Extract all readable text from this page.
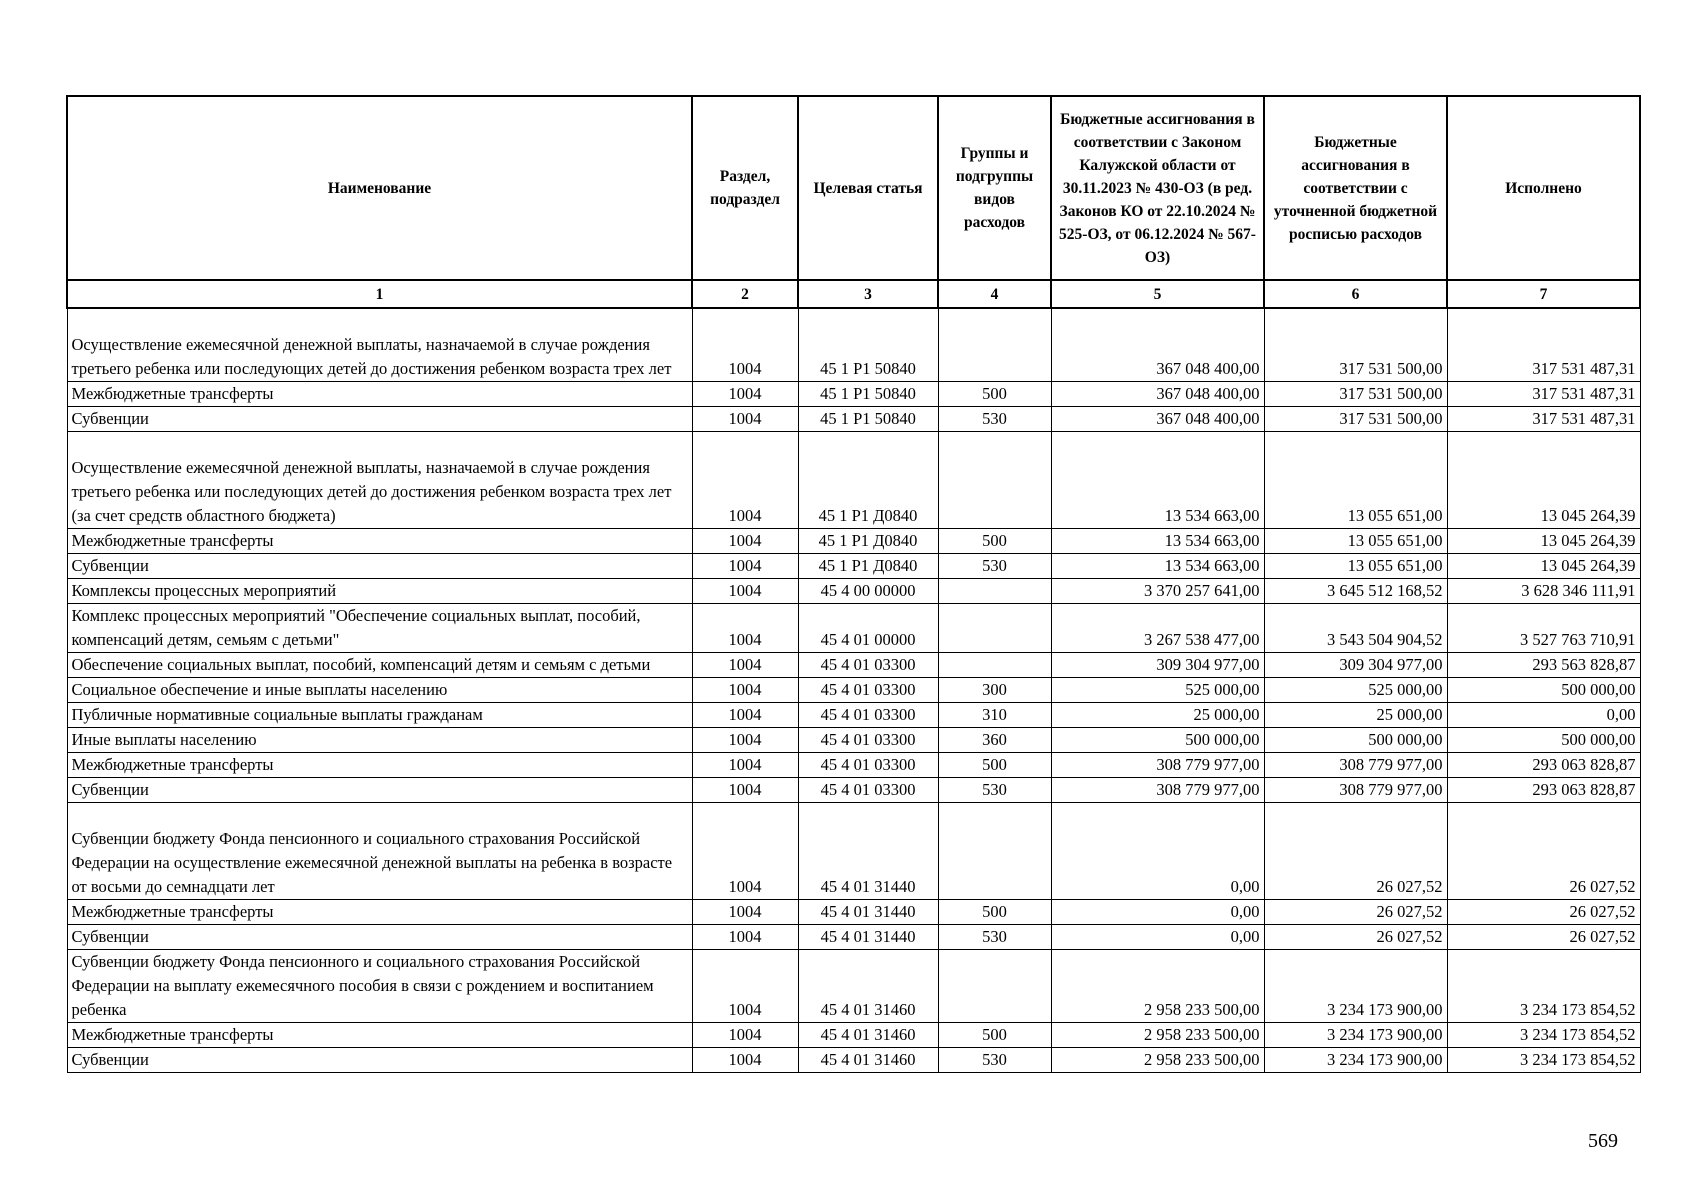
Наименование	Раздел, подраздел	Целевая статья	Группы и подгруппы видов расходов	Бюджетные ассигнования в соответствии с Законом Калужской области от 30.11.2023 № 430-ОЗ (в ред. Законов КО от 22.10.2024 № 525-ОЗ, от 06.12.2024 № 567-ОЗ)	Бюджетные ассигнования в соответствии с уточненной бюджетной росписью расходов	Исполнено
1	2	3	4	5	6	7
Осуществление ежемесячной денежной выплаты, назначаемой в случае рождения третьего ребенка или последующих детей до достижения ребенком возраста трех лет	1004	45 1 Р1 50840		367 048 400,00	317 531 500,00	317 531 487,31
Межбюджетные трансферты	1004	45 1 Р1 50840	500	367 048 400,00	317 531 500,00	317 531 487,31
Субвенции	1004	45 1 Р1 50840	530	367 048 400,00	317 531 500,00	317 531 487,31
Осуществление ежемесячной денежной выплаты, назначаемой в случае рождения третьего ребенка или последующих детей до достижения ребенком возраста трех лет (за счет средств областного бюджета)	1004	45 1 Р1 Д0840		13 534 663,00	13 055 651,00	13 045 264,39
Межбюджетные трансферты	1004	45 1 Р1 Д0840	500	13 534 663,00	13 055 651,00	13 045 264,39
Субвенции	1004	45 1 Р1 Д0840	530	13 534 663,00	13 055 651,00	13 045 264,39
Комплексы процессных мероприятий	1004	45 4 00 00000		3 370 257 641,00	3 645 512 168,52	3 628 346 111,91
Комплекс процессных мероприятий "Обеспечение социальных выплат, пособий, компенсаций детям, семьям с детьми"	1004	45 4 01 00000		3 267 538 477,00	3 543 504 904,52	3 527 763 710,91
Обеспечение социальных выплат, пособий, компенсаций детям и семьям с детьми	1004	45 4 01 03300		309 304 977,00	309 304 977,00	293 563 828,87
Социальное обеспечение и иные выплаты населению	1004	45 4 01 03300	300	525 000,00	525 000,00	500 000,00
Публичные нормативные социальные выплаты гражданам	1004	45 4 01 03300	310	25 000,00	25 000,00	0,00
Иные выплаты населению	1004	45 4 01 03300	360	500 000,00	500 000,00	500 000,00
Межбюджетные трансферты	1004	45 4 01 03300	500	308 779 977,00	308 779 977,00	293 063 828,87
Субвенции	1004	45 4 01 03300	530	308 779 977,00	308 779 977,00	293 063 828,87
Субвенции бюджету Фонда пенсионного и социального страхования Российской Федерации на осуществление ежемесячной денежной выплаты на ребенка в возрасте от восьми до семнадцати лет	1004	45 4 01 31440		0,00	26 027,52	26 027,52
Межбюджетные трансферты	1004	45 4 01 31440	500	0,00	26 027,52	26 027,52
Субвенции	1004	45 4 01 31440	530	0,00	26 027,52	26 027,52
Субвенции бюджету Фонда пенсионного и социального страхования Российской Федерации на выплату ежемесячного пособия в связи с рождением и воспитанием ребенка	1004	45 4 01 31460		2 958 233 500,00	3 234 173 900,00	3 234 173 854,52
Межбюджетные трансферты	1004	45 4 01 31460	500	2 958 233 500,00	3 234 173 900,00	3 234 173 854,52
Субвенции	1004	45 4 01 31460	530	2 958 233 500,00	3 234 173 900,00	3 234 173 854,52
569
